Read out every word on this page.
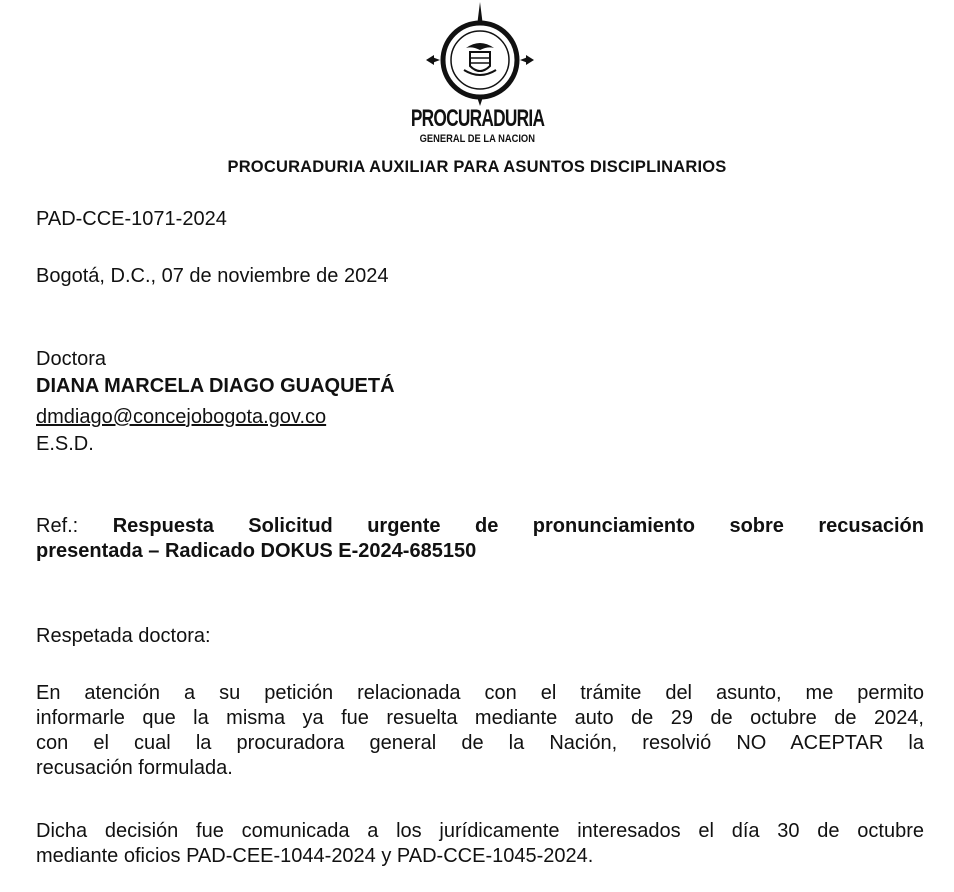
PROCURADURIA
GENERAL DE LA NACION
PROCURADURIA AUXILIAR PARA ASUNTOS DISCIPLINARIOS
PAD-CCE-1071-2024
Bogotá, D.C., 07 de noviembre de 2024
Doctora
DIANA MARCELA DIAGO GUAQUETÁ
dmdiago@concejobogota.gov.co
E.S.D.
Ref.: Respuesta Solicitud urgente de pronunciamiento sobre recusación
presentada – Radicado DOKUS E-2024-685150
Respetada doctora:
En atención a su petición relacionada con el trámite del asunto, me permito
informarle que la misma ya fue resuelta mediante auto de 29 de octubre de 2024,
con el cual la procuradora general de la Nación, resolvió NO ACEPTAR la
recusación formulada.
Dicha decisión fue comunicada a los jurídicamente interesados el día 30 de octubre
mediante oficios PAD-CEE-1044-2024 y PAD-CCE-1045-2024.
